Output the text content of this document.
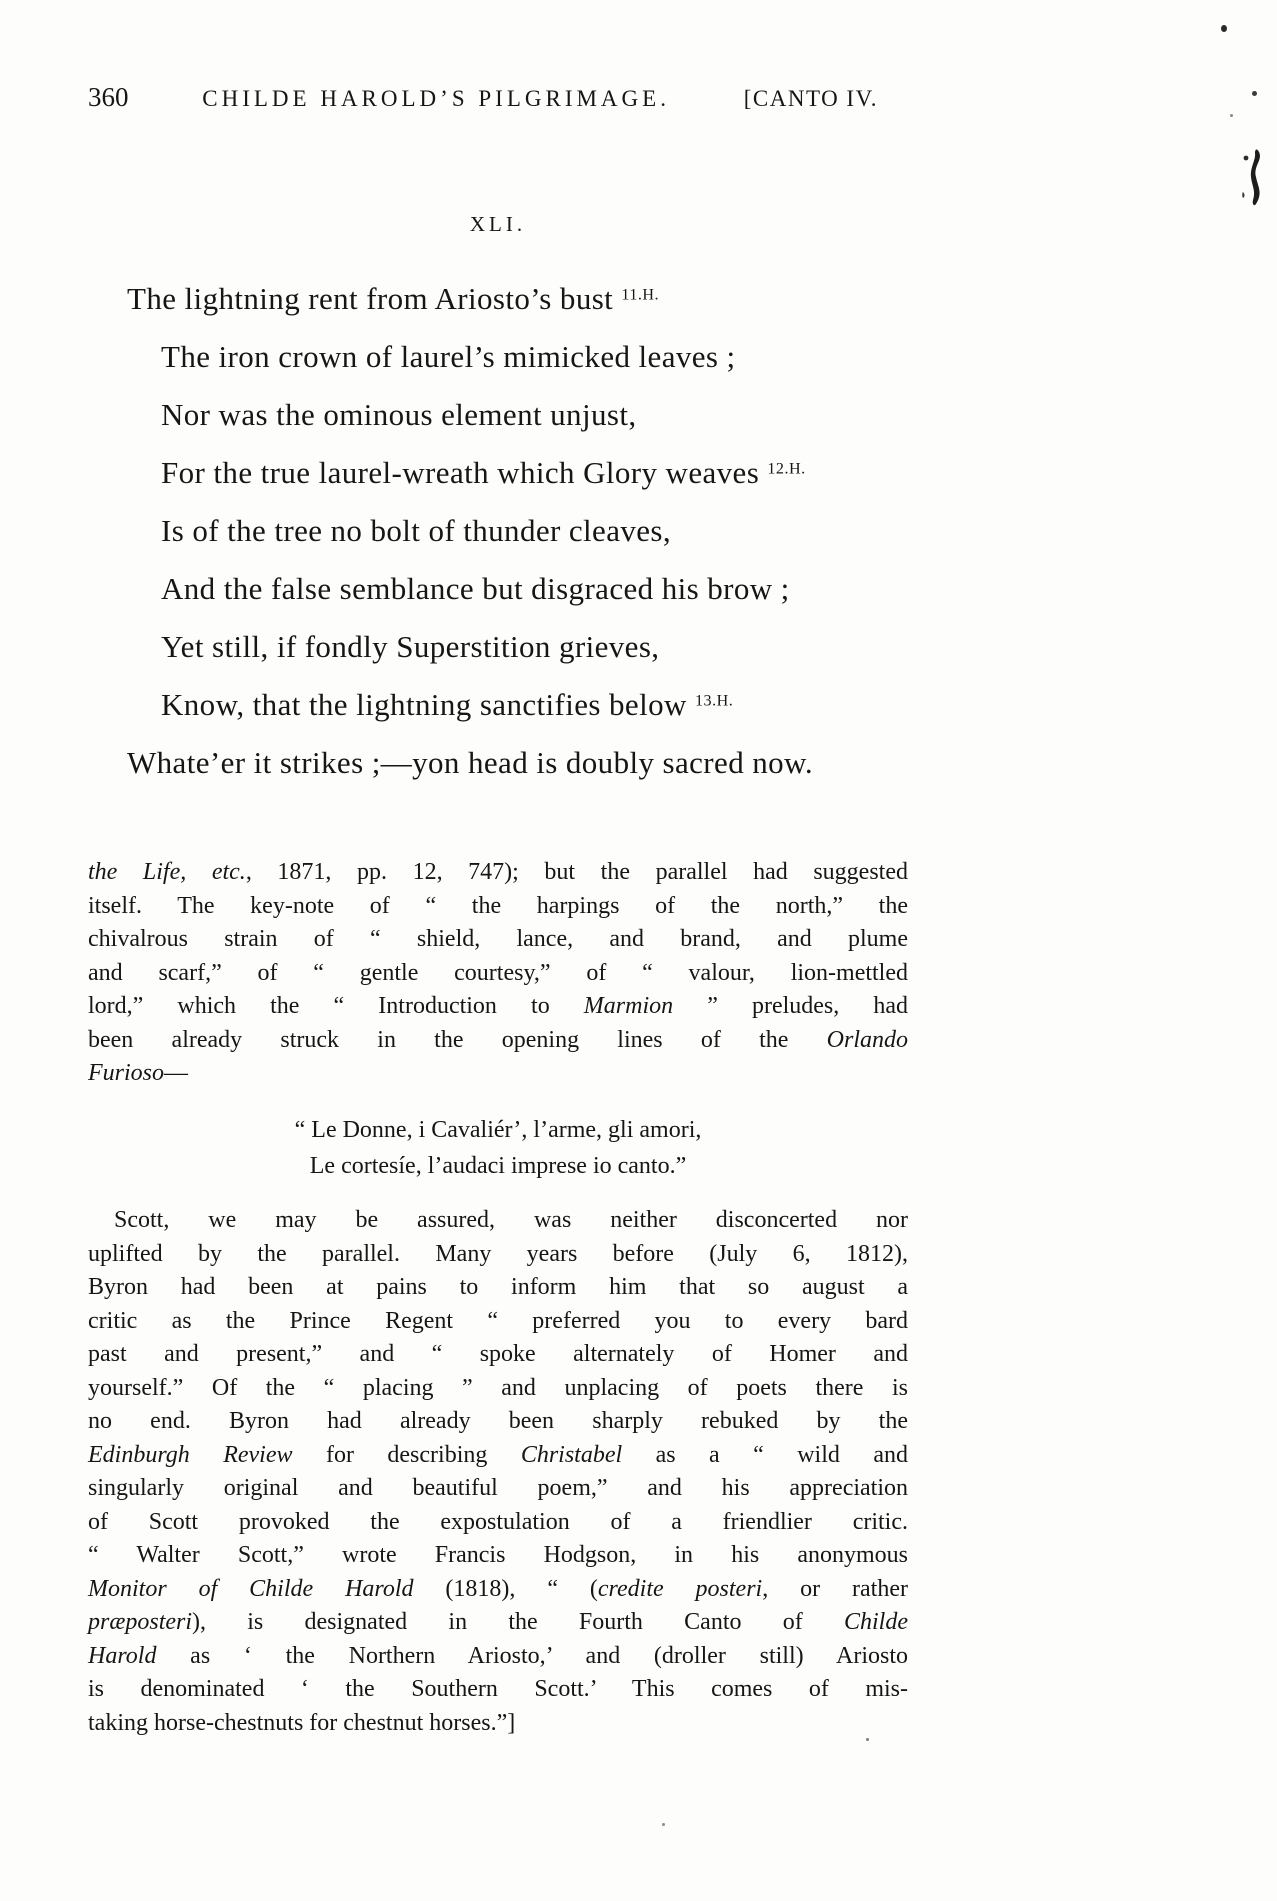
360	CHILDE HAROLD’S PILGRIMAGE.	[CANTO IV.
XLI.
The lightning rent from Ariosto’s bust $^{11.H.}$
The iron crown of laurel’s mimicked leaves ;
Nor was the ominous element unjust,
For the true laurel-wreath which Glory weaves $^{12.H.}$
Is of the tree no bolt of thunder cleaves,
And the false semblance but disgraced his brow ;
Yet still, if fondly Superstition grieves,
Know, that the lightning sanctifies below $^{13.H.}$
Whate’er it strikes ;—yon head is doubly sacred now.
the Life, etc., 1871, pp. 12, 747); but the parallel had suggested
itself. The key-note of “ the harpings of the north,” the
chivalrous strain of “ shield, lance, and brand, and plume
and scarf,” of “ gentle courtesy,” of “ valour, lion-mettled
lord,” which the “ Introduction to Marmion ” preludes, had
been already struck in the opening lines of the Orlando
Furioso—
“ Le Donne, i Cavaliér’, l’arme, gli amori,
Le cortesíe, l’audaci imprese io canto.”
Scott, we may be assured, was neither disconcerted nor
uplifted by the parallel. Many years before (July 6, 1812),
Byron had been at pains to inform him that so august a
critic as the Prince Regent “ preferred you to every bard
past and present,” and “ spoke alternately of Homer and
yourself.” Of the “ placing ” and unplacing of poets there is
no end. Byron had already been sharply rebuked by the
Edinburgh Review for describing Christabel as a “ wild and
singularly original and beautiful poem,” and his appreciation
of Scott provoked the expostulation of a friendlier critic.
“ Walter Scott,” wrote Francis Hodgson, in his anonymous
Monitor of Childe Harold (1818), “ (credite posteri, or rather
præposteri), is designated in the Fourth Canto of Childe
Harold as ‘ the Northern Ariosto,’ and (droller still) Ariosto
is denominated ‘ the Southern Scott.’ This comes of mis-
taking horse-chestnuts for chestnut horses.”]
